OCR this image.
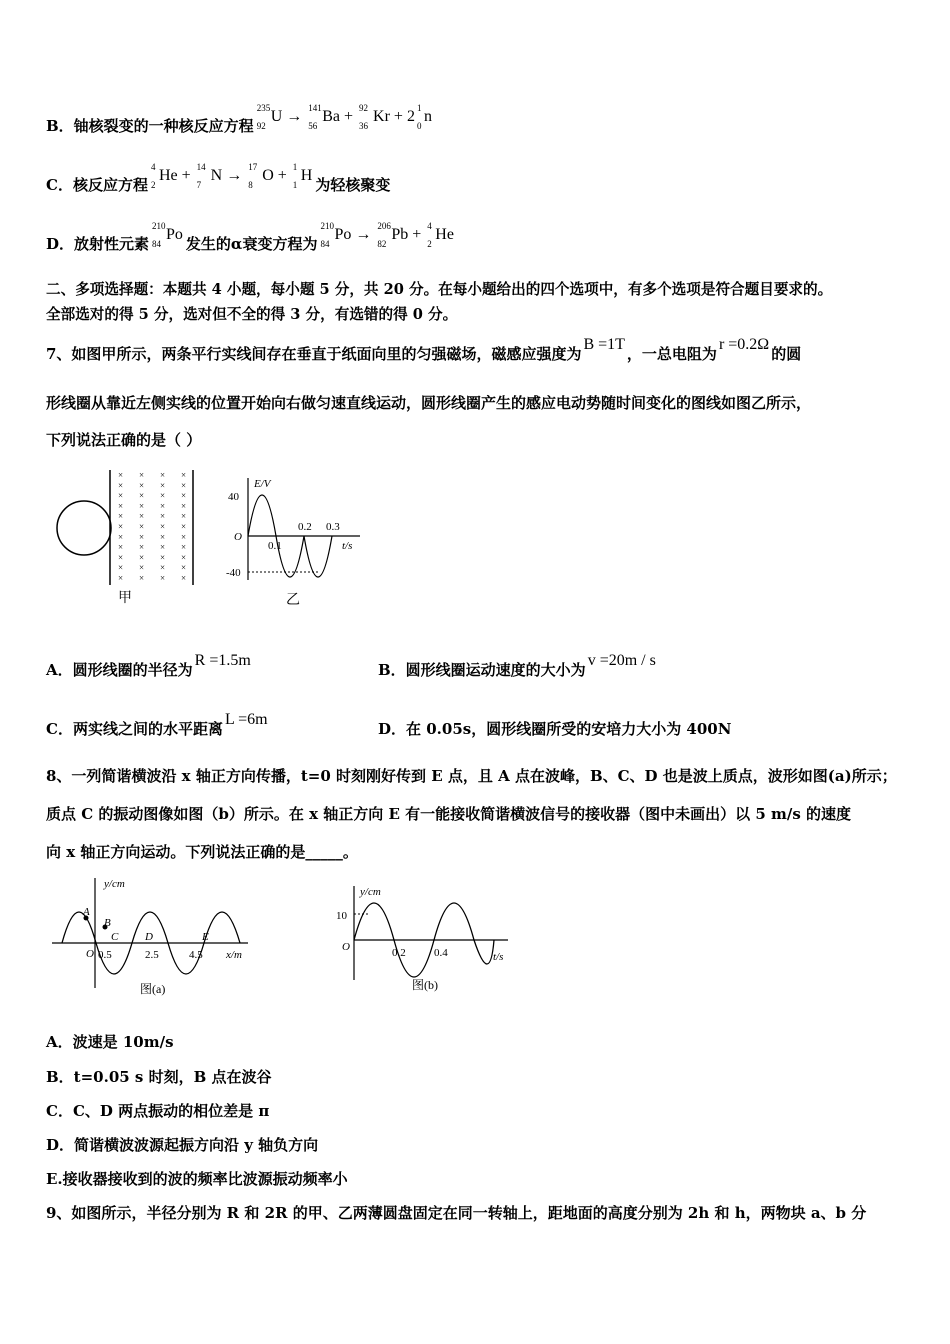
B．铀核裂变的一种核反应方程
235
92
U → 141
56
Ba + 92
36
Kr + 2 1
0
n
C．核反应方程
4
2
He + 14
7
N → 17
8
O + 1
1
H为轻核聚变
D．放射性元素
210
84
Po发生的α衰变方程为
210
84
Po → 206
82
Pb + 4
2
He
二、多项选择题：本题共 4 小题，每小题 5 分，共 20 分。在每小题给出的四个选项中，有多个选项是符合题目要求的。
全部选对的得 5 分，选对但不全的得 3 分，有选错的得 0 分。
7、如图甲所示，两条平行实线间存在垂直于纸面向里的匀强磁场，磁感应强度为B =1T，一总电阻为r =0.2Ω的圆
形线圈从靠近左侧实线的位置开始向右做匀速直线运动，圆形线圈产生的感应电动势随时间变化的图线如图乙所示，
下列说法正确的是（ ）
×
×
×
×
×
×
×
×
×
×
×
×
×
×
×
×
×
×
×
×
×
×
×
×
×
×
×
×
×
×
×
×
×
×
×
×
×
×
×
×
×
×
×
×
甲
E/V
40
-40
O
0.1
0.2 0.3
t/s
乙
A．圆形线圈的半径为R =1.5m
B．圆形线圈运动速度的大小为v =20m / s
C．两实线之间的水平距离L =6m
D．在 0.05s，圆形线圈所受的安培力大小为 400N
8、一列简谐横波沿 x 轴正方向传播，t=0 时刻刚好传到 E 点，且 A 点在波峰，B、C、D 也是波上质点，波形如图(a)所示；
质点 C 的振动图像如图（b）所示。在 x 轴正方向 E 有一能接收简谐横波信号的接收器（图中未画出）以 5 m/s 的速度
向 x 轴正方向运动。下列说法正确的是_____。
y/cm
A
B
C D	E
O 0.5	2.5	4.5 x/m
图(a)
y/cm
10
O	0.2	0.4	t/s
图(b)
A．波速是 10m/s
B．t=0.05 s 时刻，B 点在波谷
C．C、D 两点振动的相位差是 π
D．简谐横波波源起振方向沿 y 轴负方向
E.接收器接收到的波的频率比波源振动频率小
9、如图所示，半径分别为 R 和 2R 的甲、乙两薄圆盘固定在同一转轴上，距地面的高度分别为 2h 和 h，两物块 a、b 分
